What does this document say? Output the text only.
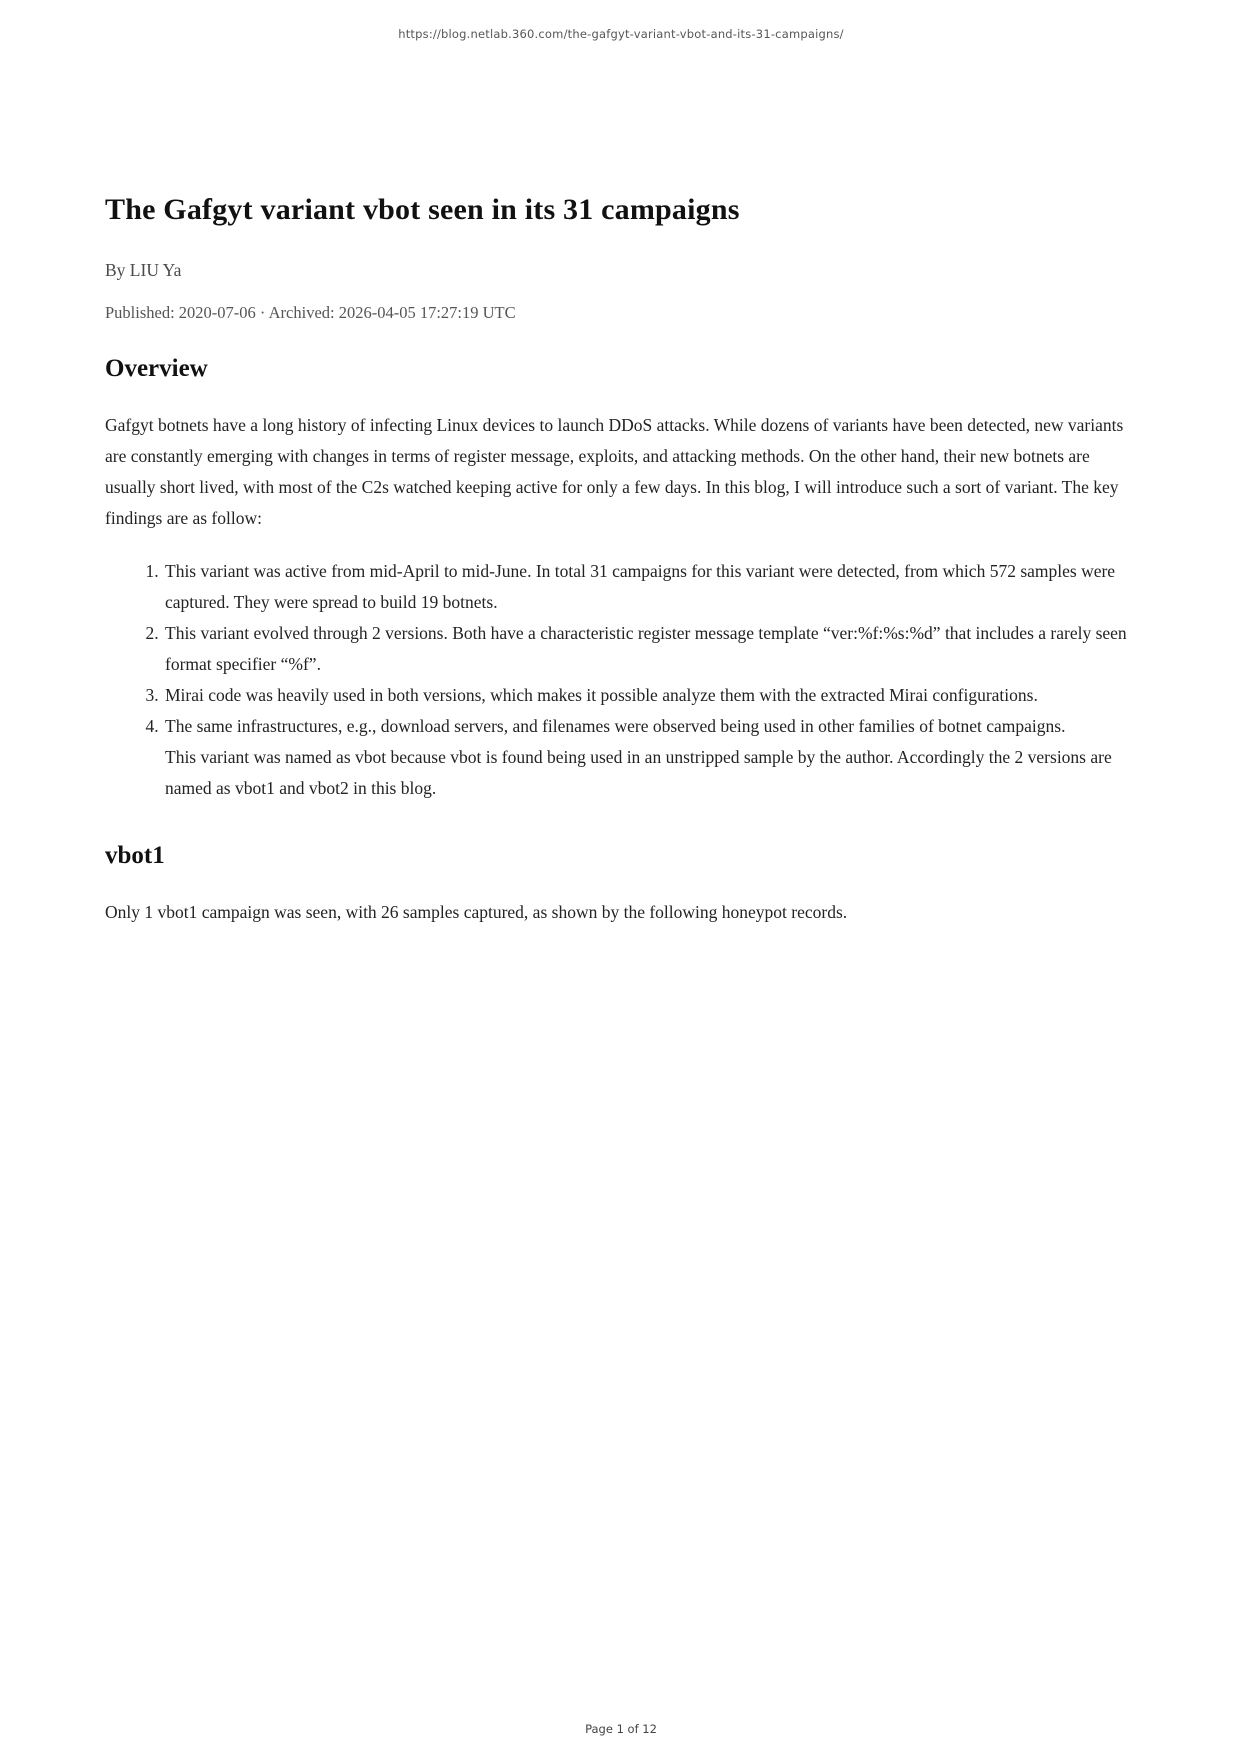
https://blog.netlab.360.com/the-gafgyt-variant-vbot-and-its-31-campaigns/
The Gafgyt variant vbot seen in its 31 campaigns

By LIU Ya

Published: 2020-07-06 · Archived: 2026-04-05 17:27:19 UTC

Overview

Gafgyt botnets have a long history of infecting Linux devices to launch DDoS attacks. While dozens of variants have been detected, new variants are constantly emerging with changes in terms of register message, exploits, and attacking methods. On the other hand, their new botnets are usually short lived, with most of the C2s watched keeping active for only a few days. In this blog, I will introduce such a sort of variant. The key findings are as follow:

1. This variant was active from mid-April to mid-June. In total 31 campaigns for this variant were detected, from which 572 samples were captured. They were spread to build 19 botnets.

2. This variant evolved through 2 versions. Both have a characteristic register message template “ver:%f:%s:%d” that includes a rarely seen format specifier “%f”.

3. Mirai code was heavily used in both versions, which makes it possible analyze them with the extracted Mirai configurations.

4. The same infrastructures, e.g., download servers, and filenames were observed being used in other families of botnet campaigns.

This variant was named as vbot because vbot is found being used in an unstripped sample by the author. Accordingly the 2 versions are named as vbot1 and vbot2 in this blog.

vbot1

Only 1 vbot1 campaign was seen, with 26 samples captured, as shown by the following honeypot records.

Page 1 of 12
